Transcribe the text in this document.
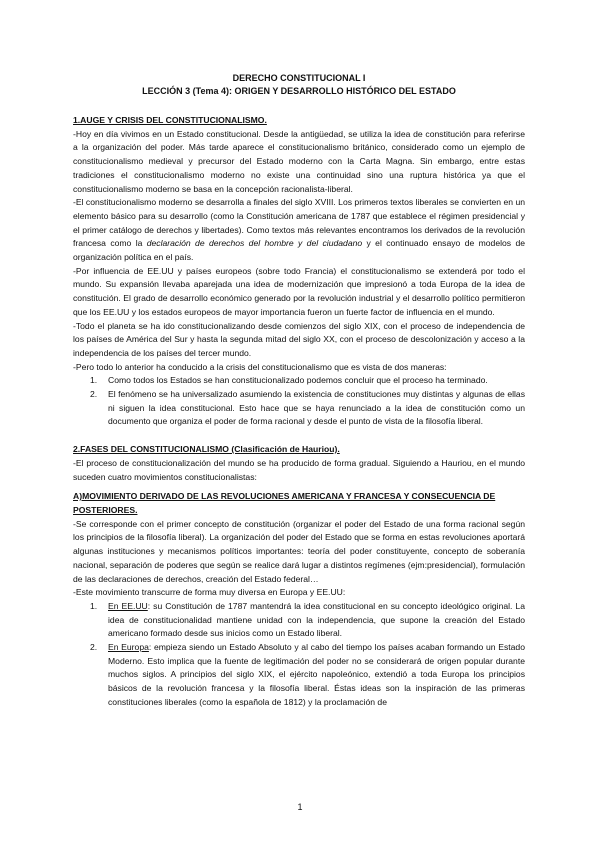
DERECHO CONSTITUCIONAL I
LECCIÓN 3 (Tema 4): ORIGEN Y DESARROLLO HISTÓRICO DEL ESTADO
1.AUGE Y CRISIS DEL CONSTITUCIONALISMO.

-Hoy en día vivimos en un Estado constitucional. Desde la antigüedad, se utiliza la idea de constitución para referirse a la organización del poder. Más tarde aparece el constitucionalismo británico, considerado como un ejemplo de constitucionalismo medieval y precursor del Estado moderno con la Carta Magna. Sin embargo, entre estas tradiciones el constitucionalismo moderno no existe una continuidad sino una ruptura histórica ya que el constitucionalismo moderno se basa en la concepción racionalista-liberal.

-El constitucionalismo moderno se desarrolla a finales del siglo XVIII. Los primeros textos liberales se convierten en un elemento básico para su desarrollo (como la Constitución americana de 1787 que establece el régimen presidencial y el primer catálogo de derechos y libertades). Como textos más relevantes encontramos los derivados de la revolución francesa como la declaración de derechos del hombre y del ciudadano y el continuado ensayo de modelos de organización política en el país.

-Por influencia de EE.UU y países europeos (sobre todo Francia) el constitucionalismo se extenderá por todo el mundo. Su expansión llevaba aparejada una idea de modernización que impresionó a toda Europa de la idea de constitución. El grado de desarrollo económico generado por la revolución industrial y el desarrollo político permitieron que los EE.UU y los estados europeos de mayor importancia fueron un fuerte factor de influencia en el mundo.

-Todo el planeta se ha ido constitucionalizando desde comienzos del siglo XIX, con el proceso de independencia de los países de América del Sur y hasta la segunda mitad del siglo XX, con el proceso de descolonización y acceso a la independencia de los países del tercer mundo.

-Pero todo lo anterior ha conducido a la crisis del constitucionalismo que es vista de dos maneras:

1. Como todos los Estados se han constitucionalizado podemos concluir que el proceso ha terminado.
2. El fenómeno se ha universalizado asumiendo la existencia de constituciones muy distintas y algunas de ellas ni siguen la idea constitucional. Esto hace que se haya renunciado a la idea de constitución como un documento que organiza el poder de forma racional y desde el punto de vista de la filosofía liberal.
2.FASES DEL CONSTITUCIONALISMO (Clasificación de Hauriou).

-El proceso de constitucionalización del mundo se ha producido de forma gradual. Siguiendo a Hauriou, en el mundo suceden cuatro movimientos constitucionalistas:

A)MOVIMIENTO DERIVADO DE LAS REVOLUCIONES AMERICANA Y FRANCESA Y CONSECUENCIA DE POSTERIORES.

-Se corresponde con el primer concepto de constitución (organizar el poder del Estado de una forma racional según los principios de la filosofía liberal). La organización del poder del Estado que se forma en estas revoluciones aportará algunas instituciones y mecanismos políticos importantes: teoría del poder constituyente, concepto de soberanía nacional, separación de poderes que según se realice dará lugar a distintos regímenes (ejm:presidencial), formulación de las declaraciones de derechos, creación del Estado federal…

-Este movimiento transcurre de forma muy diversa en Europa y EE.UU:

1. En EE.UU: su Constitución de 1787 mantendrá la idea constitucional en su concepto ideológico original. La idea de constitucionalidad mantiene unidad con la independencia, que supone la creación del Estado americano formado desde sus inicios como un Estado liberal.
2. En Europa: empieza siendo un Estado Absoluto y al cabo del tiempo los países acaban formando un Estado Moderno. Esto implica que la fuente de legitimación del poder no se considerará de origen popular durante muchos siglos. A principios del siglo XIX, el ejército napoleónico, extendió a toda Europa los principios básicos de la revolución francesa y la filosofía liberal. Éstas ideas son la inspiración de las primeras constituciones liberales (como la española de 1812) y la proclamación de
1
